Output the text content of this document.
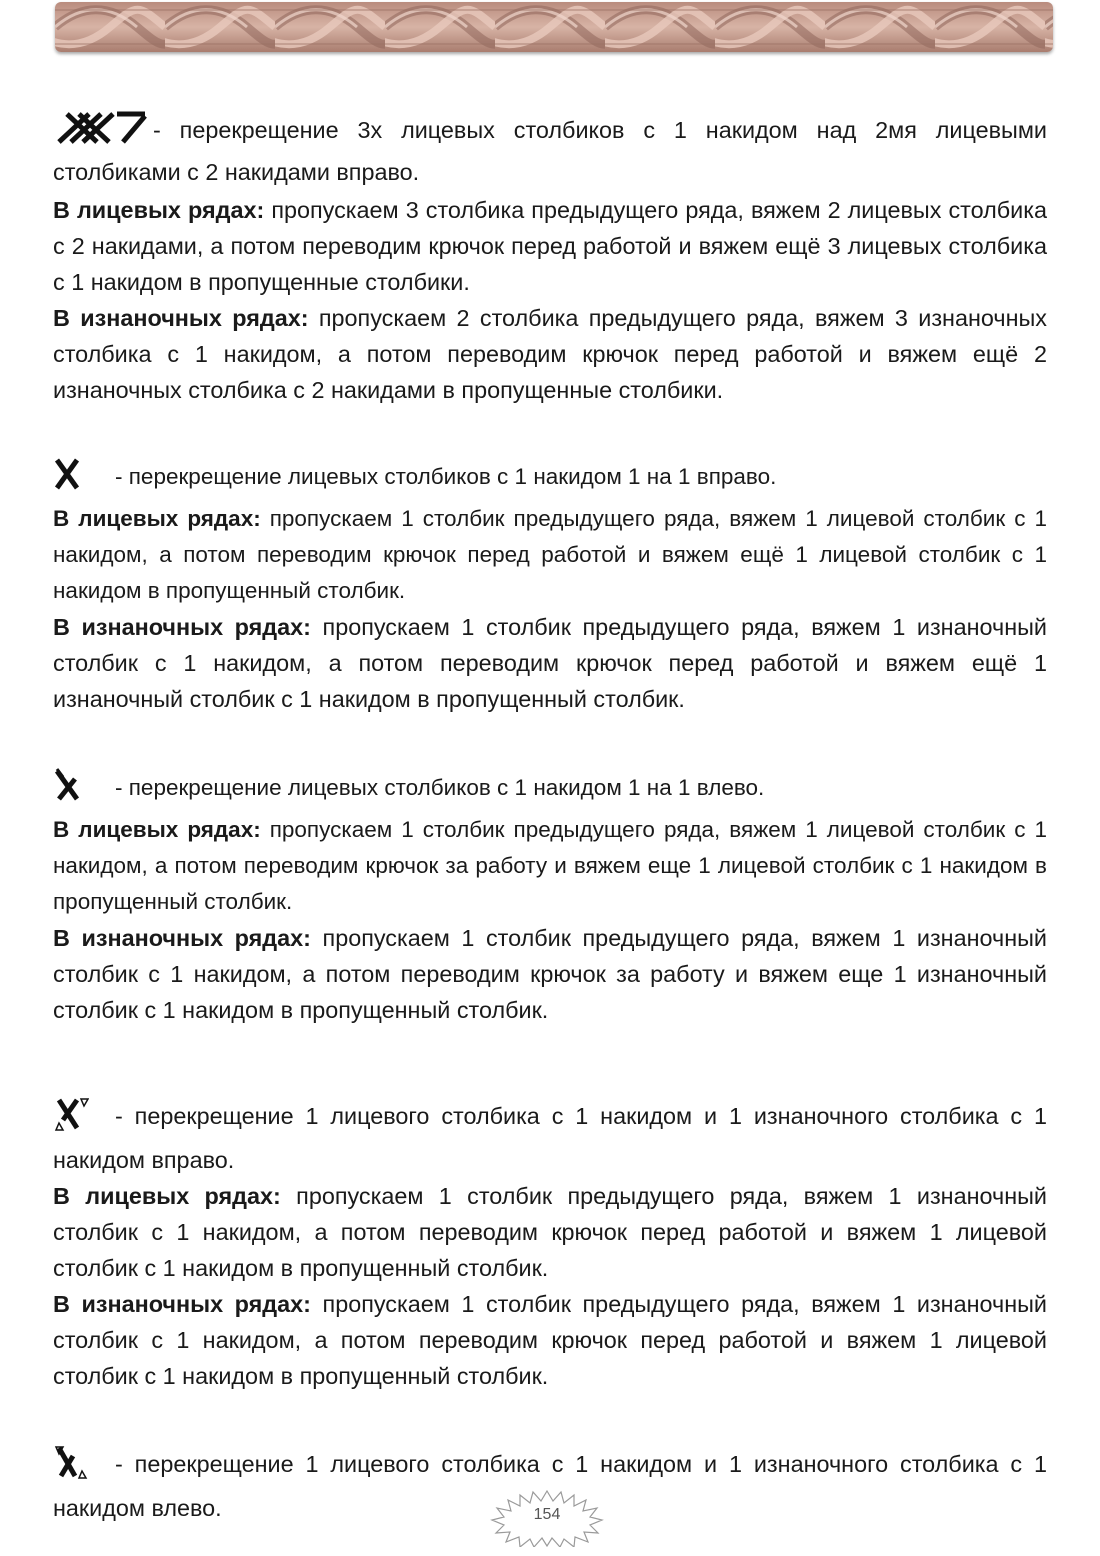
- перекрещение 3х лицевых столбиков с 1 накидом над 2мя лицевыми столбиками с 2 накидами вправо.

В лицевых рядах: пропускаем 3 столбика предыдущего ряда, вяжем 2 лицевых столбика с 2 накидами, а потом переводим крючок перед работой и вяжем ещё 3 лицевых столбика с 1 накидом в пропущенные столбики.

В изнаночных рядах: пропускаем 2 столбика предыдущего ряда, вяжем 3 изнаночных столбика с 1 накидом, а потом переводим крючок перед работой и вяжем ещё 2 изнаночных столбика с 2 накидами в пропущенные столбики.

- перекрещение лицевых столбиков с 1 накидом 1 на 1 вправо.

В лицевых рядах: пропускаем 1 столбик предыдущего ряда, вяжем 1 лицевой столбик с 1 накидом, а потом переводим крючок перед работой и вяжем ещё 1 лицевой столбик с 1 накидом в пропущенный столбик.

В изнаночных рядах: пропускаем 1 столбик предыдущего ряда, вяжем 1 изнаночный столбик с 1 накидом, а потом переводим крючок перед работой и вяжем ещё 1 изнаночный столбик с 1 накидом в пропущенный столбик.

- перекрещение лицевых столбиков с 1 накидом 1 на 1 влево.

В лицевых рядах: пропускаем 1 столбик предыдущего ряда, вяжем 1 лицевой столбик с 1 накидом, а потом переводим крючок за работу и вяжем еще 1 лицевой столбик с 1 накидом в пропущенный столбик.

В изнаночных рядах: пропускаем 1 столбик предыдущего ряда, вяжем 1 изнаночный столбик с 1 накидом, а потом переводим крючок за работу и вяжем еще 1 изнаночный столбик с 1 накидом в пропущенный столбик.

- перекрещение 1 лицевого столбика с 1 накидом и 1 изнаночного столбика с 1 накидом вправо.

В лицевых рядах: пропускаем 1 столбик предыдущего ряда, вяжем 1 изнаночный столбик с 1 накидом, а потом переводим крючок перед работой и вяжем 1 лицевой столбик с 1 накидом в пропущенный столбик.

В изнаночных рядах: пропускаем 1 столбик предыдущего ряда, вяжем 1 изнаночный столбик с 1 накидом, а потом переводим крючок перед работой и вяжем 1 лицевой столбик с 1 накидом в пропущенный столбик.

- перекрещение 1 лицевого столбика с 1 накидом и 1 изнаночного столбика с 1 накидом влево.	154
